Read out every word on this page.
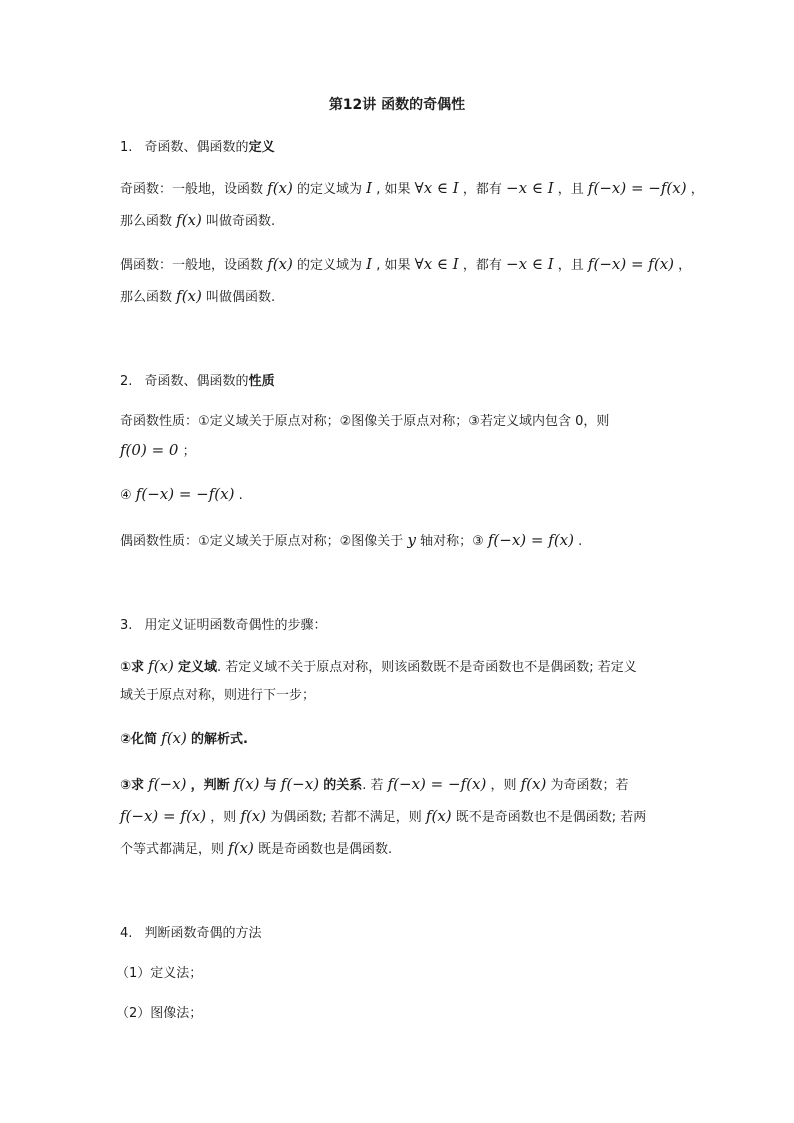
第12讲 函数的奇偶性
1. 奇函数、偶函数的定义
奇函数：一般地，设函数 f(x) 的定义域为 I , 如果 ∀x ∈ I ，都有 −x ∈ I ，且 f(−x) = −f(x) ，
那么函数 f(x) 叫做奇函数.
偶函数：一般地，设函数 f(x) 的定义域为 I , 如果 ∀x ∈ I ，都有 −x ∈ I ，且 f(−x) = f(x) ，
那么函数 f(x) 叫做偶函数.
2. 奇函数、偶函数的性质
奇函数性质：①定义域关于原点对称；②图像关于原点对称；③若定义域内包含 0，则
f(0) = 0 ；
④ f(−x) = −f(x) .
偶函数性质：①定义域关于原点对称；②图像关于 y 轴对称；③ f(−x) = f(x) .
3. 用定义证明函数奇偶性的步骤：
①求 f(x) 定义域. 若定义域不关于原点对称，则该函数既不是奇函数也不是偶函数; 若定义
域关于原点对称，则进行下一步；
②化简 f(x) 的解析式.
③求 f(−x) ，判断 f(x) 与 f(−x) 的关系. 若 f(−x) = −f(x) ，则 f(x) 为奇函数；若
f(−x) = f(x) ，则 f(x) 为偶函数; 若都不满足，则 f(x) 既不是奇函数也不是偶函数; 若两
个等式都满足，则 f(x) 既是奇函数也是偶函数.
4. 判断函数奇偶的方法
（1）定义法；
（2）图像法；
